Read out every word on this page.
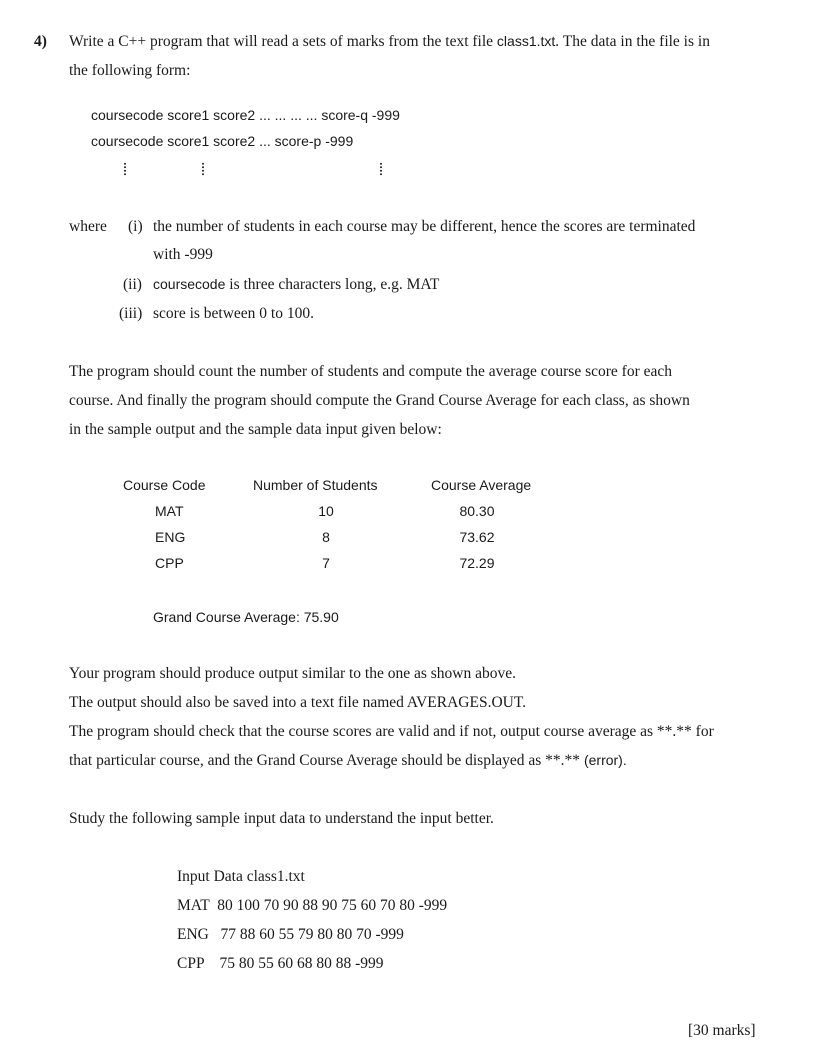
4) Write a C++ program that will read a sets of marks from the text file class1.txt. The data in the file is in
the following form:
coursecode score1 score2 ... ... ... ... score-q -999
coursecode score1 score2 ... score-p -999
where (i) the number of students in each course may be different, hence the scores are terminated
with -999
(ii) coursecode is three characters long, e.g. MAT
(iii) score is between 0 to 100.
The program should count the number of students and compute the average course score for each
course. And finally the program should compute the Grand Course Average for each class, as shown
in the sample output and the sample data input given below:
Course Code	Number of Students	Course Average
MAT	10	80.30
ENG	8	73.62
CPP	7	72.29
Grand Course Average: 75.90
Your program should produce output similar to the one as shown above.
The output should also be saved into a text file named AVERAGES.OUT.
The program should check that the course scores are valid and if not, output course average as **.** for
that particular course, and the Grand Course Average should be displayed as **.** (error).
Study the following sample input data to understand the input better.
Input Data class1.txt
MAT  80 100 70 90 88 90 75 60 70 80 -999
ENG   77 88 60 55 79 80 80 70 -999
CPP    75 80 55 60 68 80 88 -999
[30 marks]
